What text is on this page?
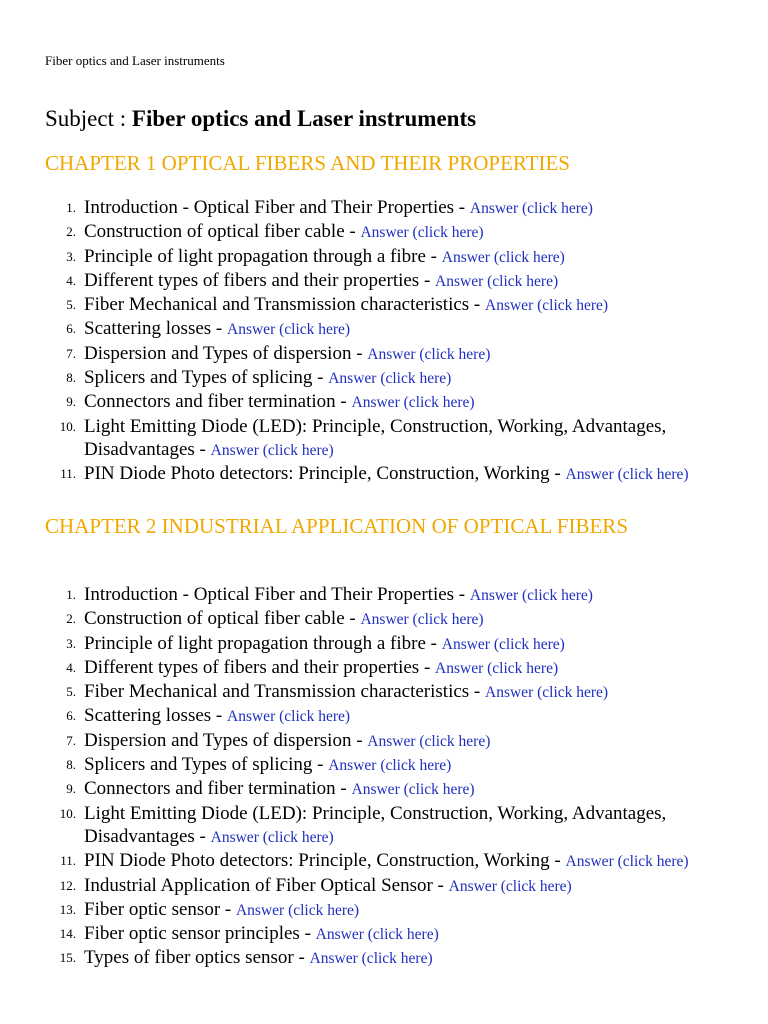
Fiber optics and Laser instruments
Subject : Fiber optics and Laser instruments
CHAPTER 1 OPTICAL FIBERS AND THEIR PROPERTIES
1. Introduction - Optical Fiber and Their Properties - Answer (click here)
2. Construction of optical fiber cable - Answer (click here)
3. Principle of light propagation through a fibre - Answer (click here)
4. Different types of fibers and their properties - Answer (click here)
5. Fiber Mechanical and Transmission characteristics - Answer (click here)
6. Scattering losses - Answer (click here)
7. Dispersion and Types of dispersion - Answer (click here)
8. Splicers and Types of splicing - Answer (click here)
9. Connectors and fiber termination - Answer (click here)
10. Light Emitting Diode (LED): Principle, Construction, Working, Advantages, Disadvantages - Answer (click here)
11. PIN Diode Photo detectors: Principle, Construction, Working - Answer (click here)
CHAPTER 2 INDUSTRIAL APPLICATION OF OPTICAL FIBERS
1. Introduction - Optical Fiber and Their Properties - Answer (click here)
2. Construction of optical fiber cable - Answer (click here)
3. Principle of light propagation through a fibre - Answer (click here)
4. Different types of fibers and their properties - Answer (click here)
5. Fiber Mechanical and Transmission characteristics - Answer (click here)
6. Scattering losses - Answer (click here)
7. Dispersion and Types of dispersion - Answer (click here)
8. Splicers and Types of splicing - Answer (click here)
9. Connectors and fiber termination - Answer (click here)
10. Light Emitting Diode (LED): Principle, Construction, Working, Advantages, Disadvantages - Answer (click here)
11. PIN Diode Photo detectors: Principle, Construction, Working - Answer (click here)
12. Industrial Application of Fiber Optical Sensor - Answer (click here)
13. Fiber optic sensor - Answer (click here)
14. Fiber optic sensor principles - Answer (click here)
15. Types of fiber optics sensor - Answer (click here)
